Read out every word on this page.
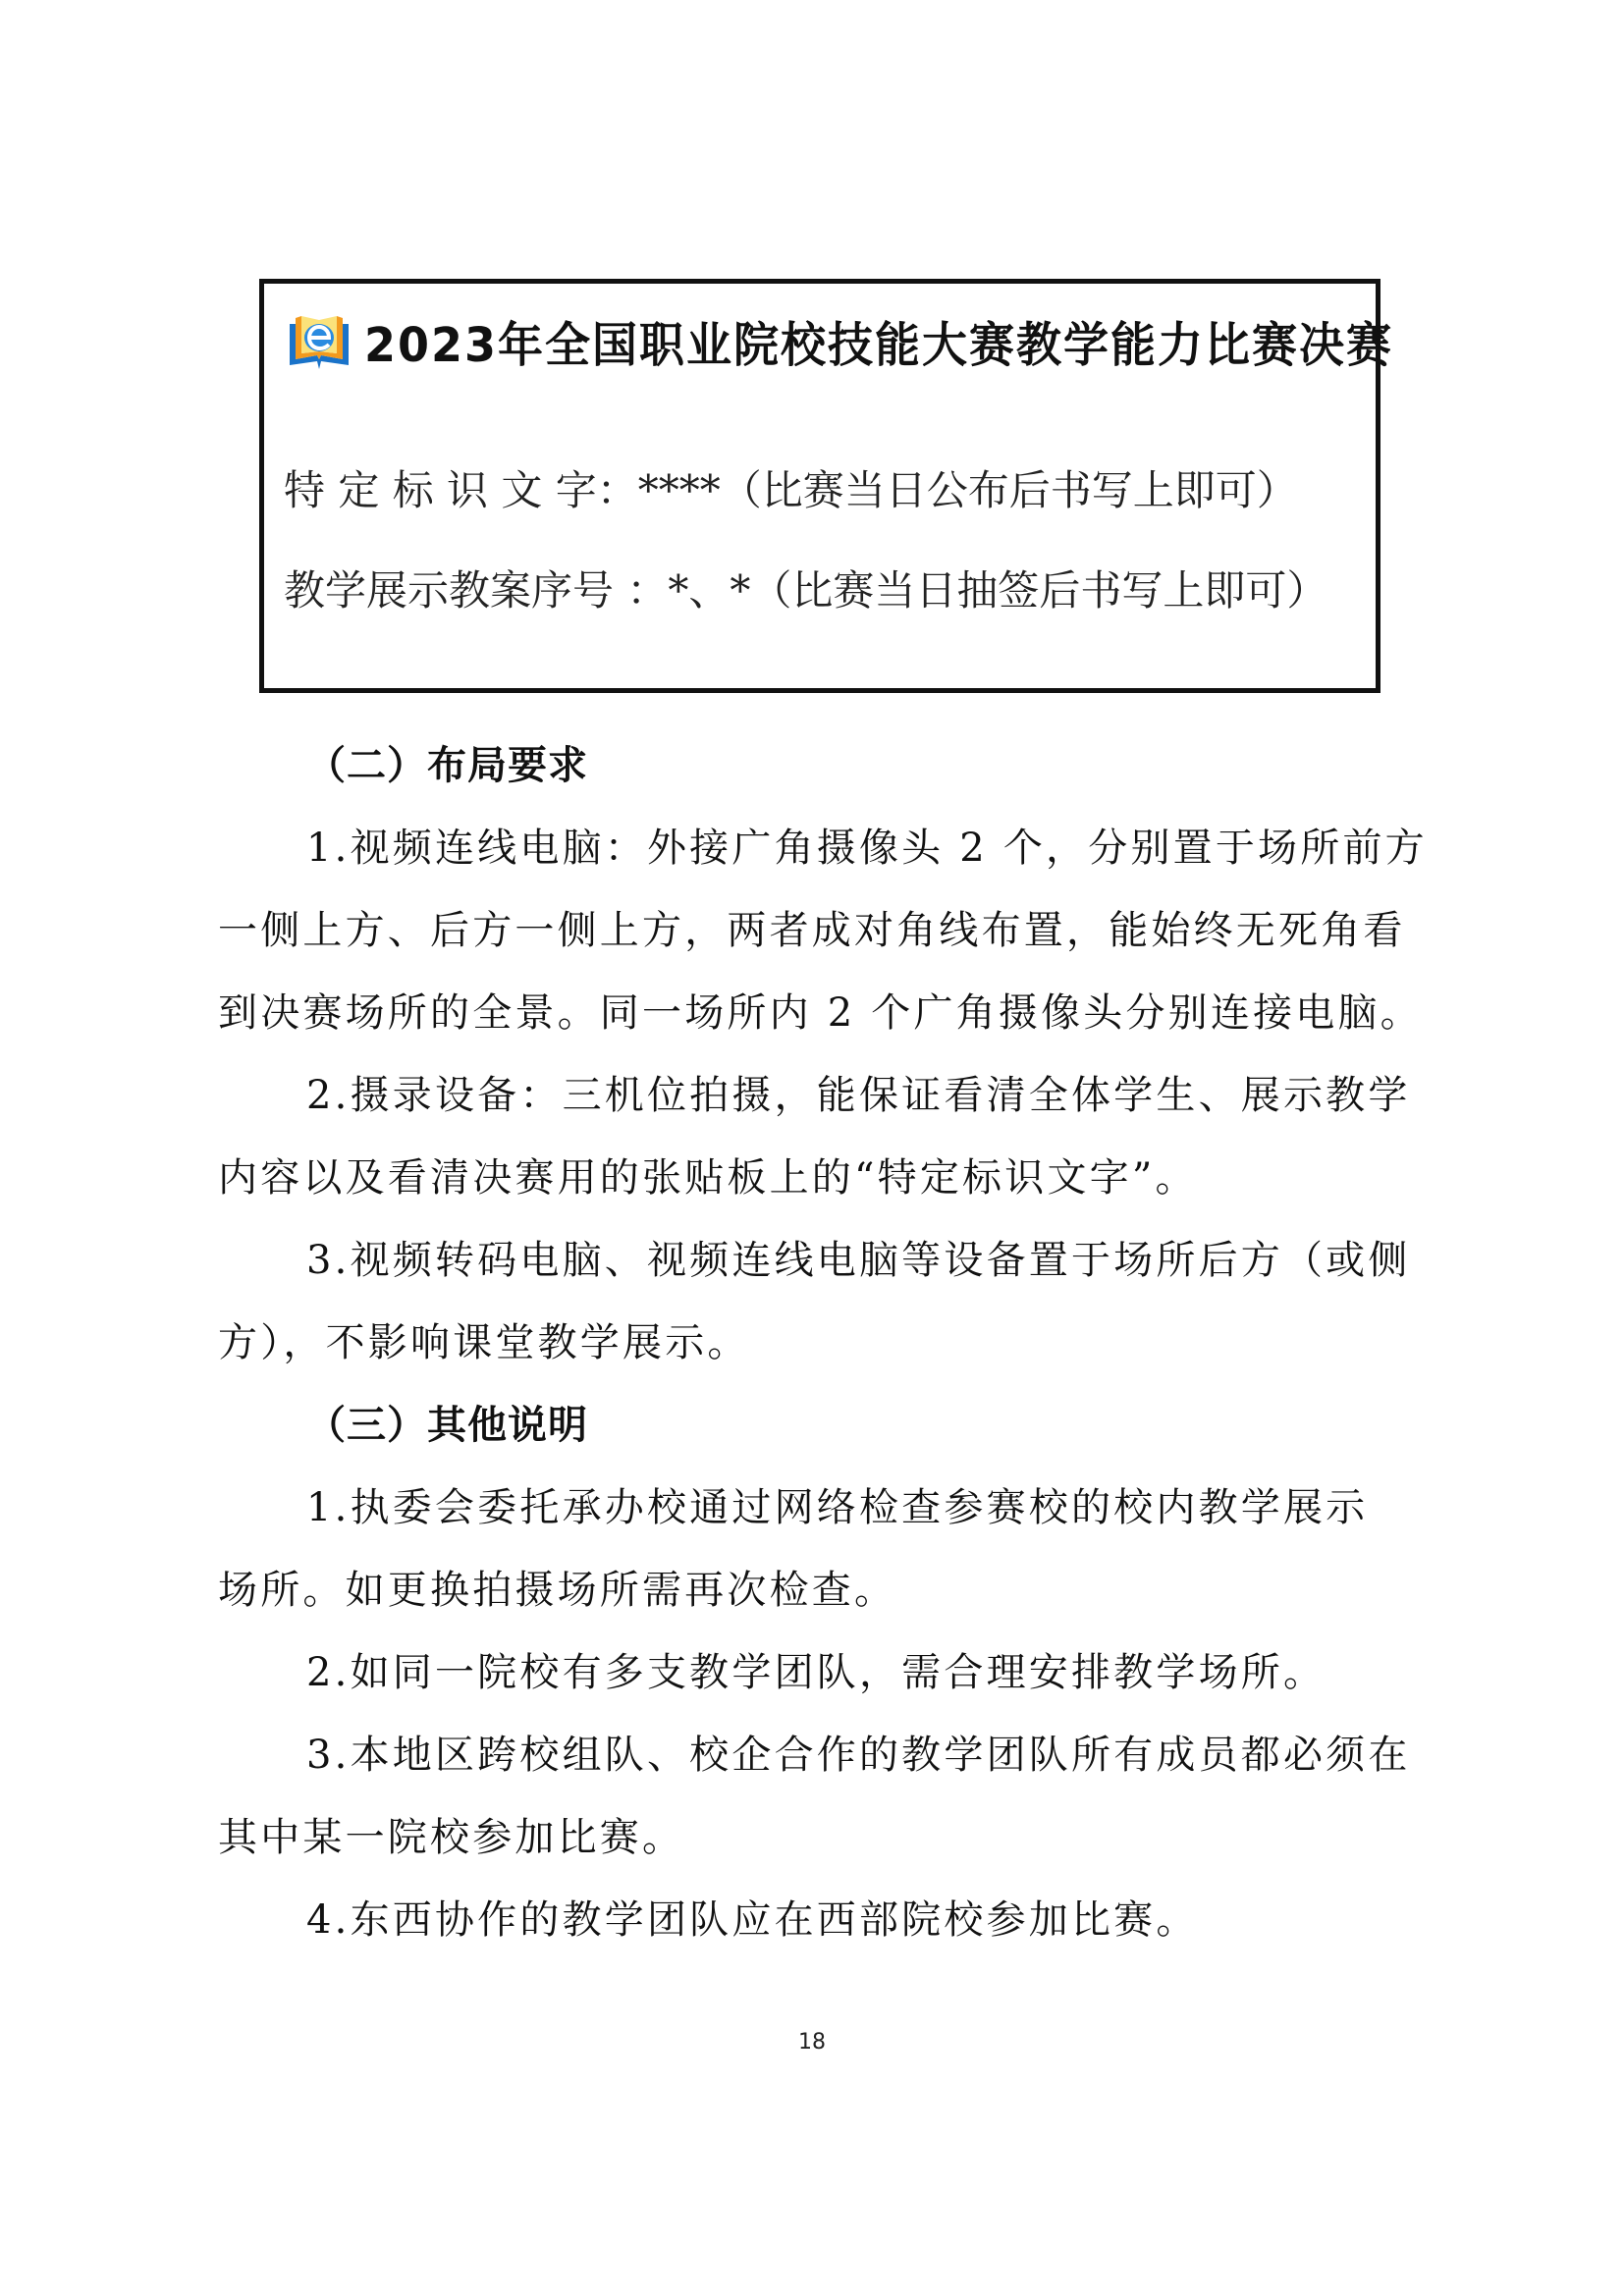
2023年全国职业院校技能大赛教学能力比赛决赛
特 定 标 识 文 字：****（比赛当日公布后书写上即可）
教学展示教案序号 ：*、*（比赛当日抽签后书写上即可）
（二）布局要求
1.视频连线电脑：外接广角摄像头 2 个，分别置于场所前方
一侧上方、后方一侧上方，两者成对角线布置，能始终无死角看
到决赛场所的全景。同一场所内 2 个广角摄像头分别连接电脑。
2.摄录设备：三机位拍摄，能保证看清全体学生、展示教学
内容以及看清决赛用的张贴板上的“特定标识文字”。
3.视频转码电脑、视频连线电脑等设备置于场所后方（或侧
方），不影响课堂教学展示。
（三）其他说明
1.执委会委托承办校通过网络检查参赛校的校内教学展示
场所。如更换拍摄场所需再次检查。
2.如同一院校有多支教学团队，需合理安排教学场所。
3.本地区跨校组队、校企合作的教学团队所有成员都必须在
其中某一院校参加比赛。
4.东西协作的教学团队应在西部院校参加比赛。
18
